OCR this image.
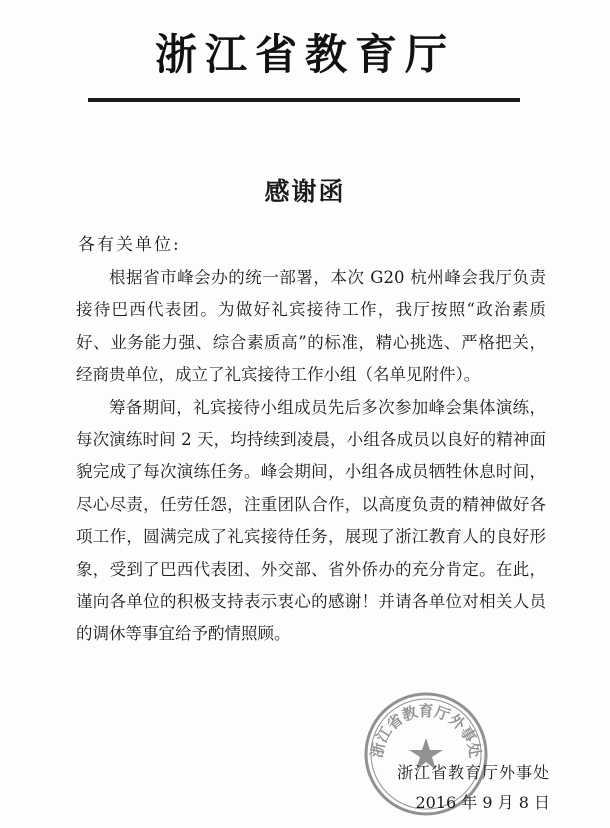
浙江省教育厅
感谢函
各有关单位:

根据省市峰会办的统一部署，本次 G20 杭州峰会我厅负责接待巴西代表团。为做好礼宾接待工作，我厅按照“政治素质好、业务能力强、综合素质高”的标准，精心挑选、严格把关，经商贵单位，成立了礼宾接待工作小组（名单见附件）。

筹备期间，礼宾接待小组成员先后多次参加峰会集体演练，每次演练时间 2 天，均持续到凌晨，小组各成员以良好的精神面貌完成了每次演练任务。峰会期间，小组各成员牺牲休息时间，尽心尽责，任劳任怨，注重团队合作，以高度负责的精神做好各项工作，圆满完成了礼宾接待任务，展现了浙江教育人的良好形象，受到了巴西代表团、外交部、省外侨办的充分肯定。在此，谨向各单位的积极支持表示衷心的感谢！并请各单位对相关人员的调休等事宜给予酌情照顾。

浙江省教育厅外事处
浙江省教育厅外事处
2016 年 9 月 8 日
